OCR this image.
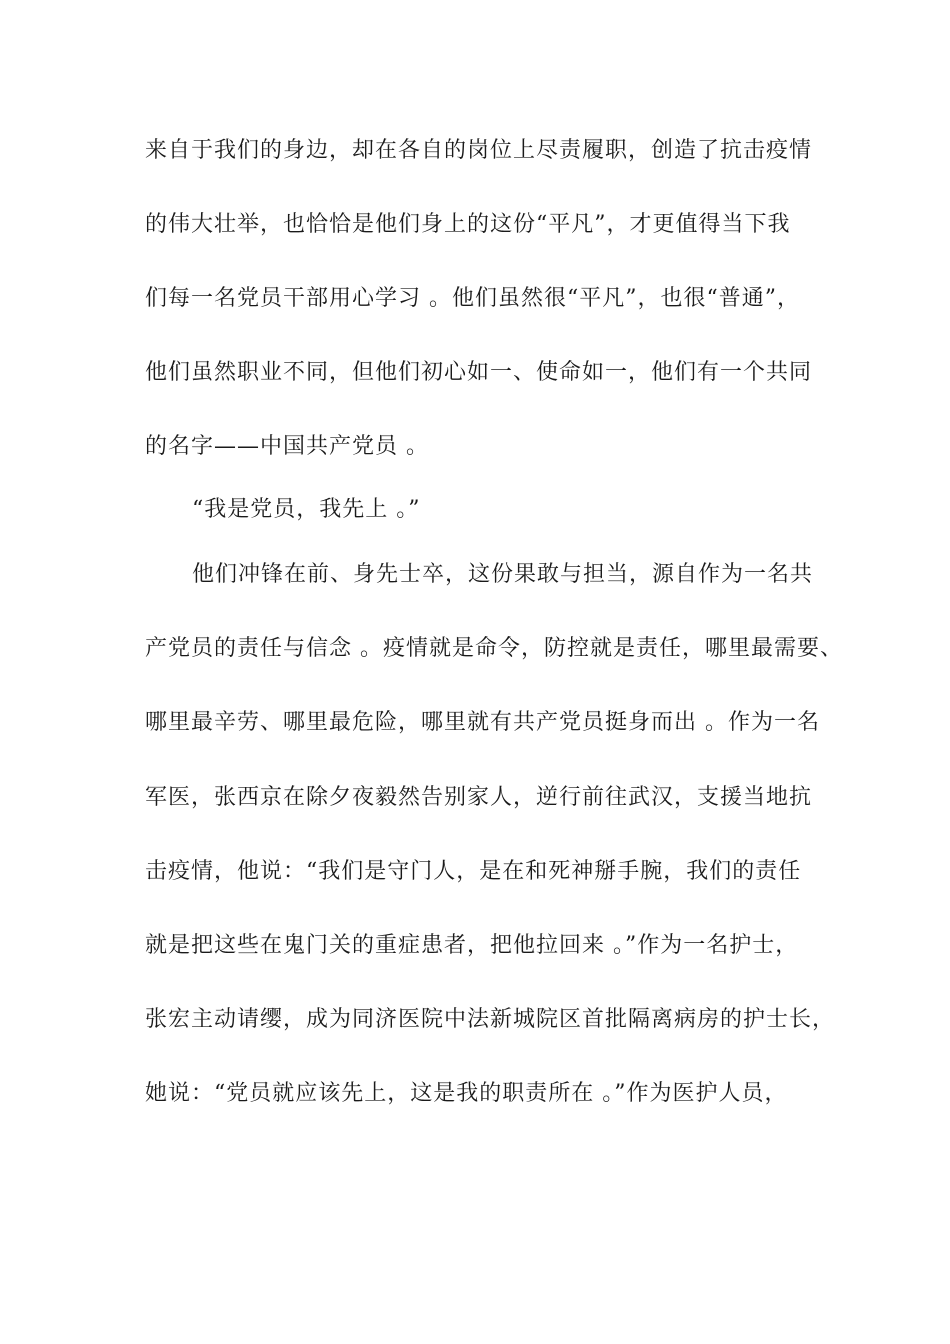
来自于我们的身边，却在各自的岗位上尽责履职，创造了抗击疫情
的伟大壮举，也恰恰是他们身上的这份“平凡”，才更值得当下我
们每一名党员干部用心学习 。他们虽然很“平凡”，也很“普通”，
他们虽然职业不同，但他们初心如一、使命如一，他们有一个共同
的名字——中国共产党员 。
“我是党员，我先上 。”
他们冲锋在前、身先士卒，这份果敢与担当，源自作为一名共
产党员的责任与信念 。疫情就是命令，防控就是责任，哪里最需要、
哪里最辛劳、哪里最危险，哪里就有共产党员挺身而出 。作为一名
军医，张西京在除夕夜毅然告别家人，逆行前往武汉，支援当地抗
击疫情，他说：“我们是守门人，是在和死神掰手腕，我们的责任
就是把这些在鬼门关的重症患者，把他拉回来 。”作为一名护士，
张宏主动请缨，成为同济医院中法新城院区首批隔离病房的护士长，
她说：“党员就应该先上，这是我的职责所在 。”作为医护人员，
